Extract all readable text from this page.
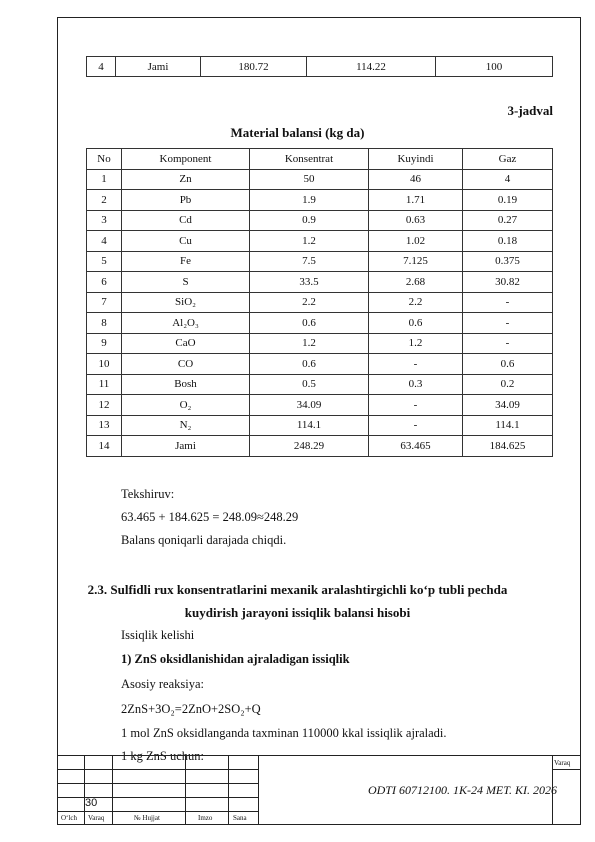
4	Jami	180.72	114.22	100
3-jadval
Material balansi (kg da)
No	Komponent	Konsentrat	Kuyindi	Gaz
1	Zn	50	46	4
2	Pb	1.9	1.71	0.19
3	Cd	0.9	0.63	0.27
4	Cu	1.2	1.02	0.18
5	Fe	7.5	7.125	0.375
6	S	33.5	2.68	30.82
7	SiO₂	2.2	2.2	-
8	Al₂O₃	0.6	0.6	-
9	CaO	1.2	1.2	-
10	CO	0.6	-	0.6
11	Bosh	0.5	0.3	0.2
12	O₂	34.09	-	34.09
13	N₂	114.1	-	114.1
14	Jami	248.29	63.465	184.625
Tekshiruv:
63.465 + 184.625 = 248.09≈248.29
Balans qoniqarli darajada chiqdi.
2.3. Sulfidli rux konsentratlarini mexanik aralashtirgichli ko‘p tubli pechda
kuydirish jarayoni issiqlik balansi hisobi
Issiqlik kelishi
1) ZnS oksidlanishidan ajraladigan issiqlik
Asosiy reaksiya:
2ZnS+3O₂=2ZnO+2SO₂+Q
1 mol ZnS oksidlanganda taxminan 110000 kkal issiqlik ajraladi.
1 kg ZnS uchun:
30
ODTI 60712100. 1K-24 MET. KI. 2026
Varaq
O‘lch Varaq	№ Hujjat	Imzo	Sana
